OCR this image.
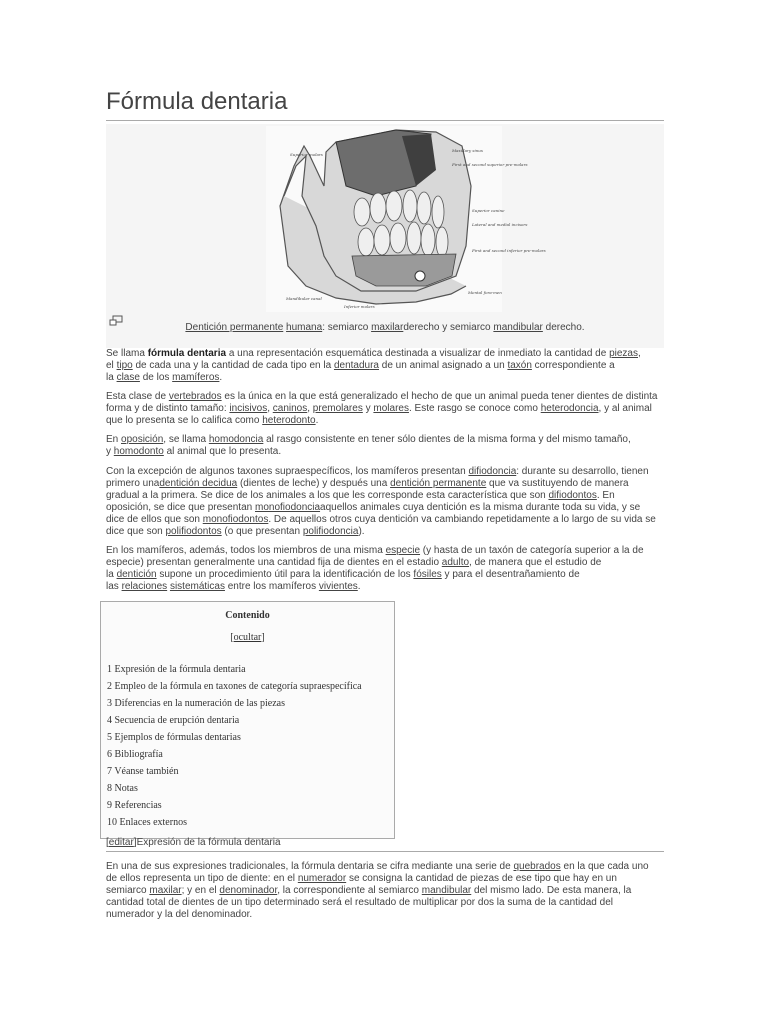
Fórmula dentaria
Superior molars
Maxillary sinus
First and second superior pre-molars
Superior canine
Lateral and medial incisors
First and second inferior pre-molars
Mental fora-men
Mandibular canal
Inferior molars
Dentición permanente humana: semiarco maxilarderecho y semiarco mandibular derecho.
Se llama fórmula dentaria a una representación esquemática destinada a visualizar de inmediato la cantidad de piezas,
el tipo de cada una y la cantidad de cada tipo en la dentadura de un animal asignado a un taxón correspondiente a
la clase de los mamíferos.
Esta clase de vertebrados es la única en la que está generalizado el hecho de que un animal pueda tener dientes de distinta
forma y de distinto tamaño: incisivos, caninos, premolares y molares. Este rasgo se conoce como heterodoncia, y al animal
que lo presenta se lo califica como heterodonto.
En oposición, se llama homodoncia al rasgo consistente en tener sólo dientes de la misma forma y del mismo tamaño,
y homodonto al animal que lo presenta.
Con la excepción de algunos taxones supraespecíficos, los mamíferos presentan difiodoncia: durante su desarrollo, tienen
primero unadentición decidua (dientes de leche) y después una dentición permanente que va sustituyendo de manera
gradual a la primera. Se dice de los animales a los que les corresponde esta característica que son difiodontos. En
oposición, se dice que presentan monofiodonciaaquellos animales cuya dentición es la misma durante toda su vida, y se
dice de ellos que son monofiodontos. De aquellos otros cuya dentición va cambiando repetidamente a lo largo de su vida se
dice que son polifiodontos (o que presentan polifiodoncia).
En los mamíferos, además, todos los miembros de una misma especie (y hasta de un taxón de categoría superior a la de
especie) presentan generalmente una cantidad fija de dientes en el estadio adulto, de manera que el estudio de
la dentición supone un procedimiento útil para la identificación de los fósiles y para el desentrañamiento de
las relaciones sistemáticas entre los mamíferos vivientes.
Contenido
[ocultar]
1 Expresión de la fórmula dentaria
2 Empleo de la fórmula en taxones de categoría supraespecífica
3 Diferencias en la numeración de las piezas
4 Secuencia de erupción dentaria
5 Ejemplos de fórmulas dentarias
6 Bibliografía
7 Véanse también
8 Notas
9 Referencias
10 Enlaces externos
[editar]Expresión de la fórmula dentaria
En una de sus expresiones tradicionales, la fórmula dentaria se cifra mediante una serie de quebrados en la que cada uno
de ellos representa un tipo de diente: en el numerador se consigna la cantidad de piezas de ese tipo que hay en un
semiarco maxilar; y en el denominador, la correspondiente al semiarco mandibular del mismo lado. De esta manera, la
cantidad total de dientes de un tipo determinado será el resultado de multiplicar por dos la suma de la cantidad del
numerador y la del denominador.
